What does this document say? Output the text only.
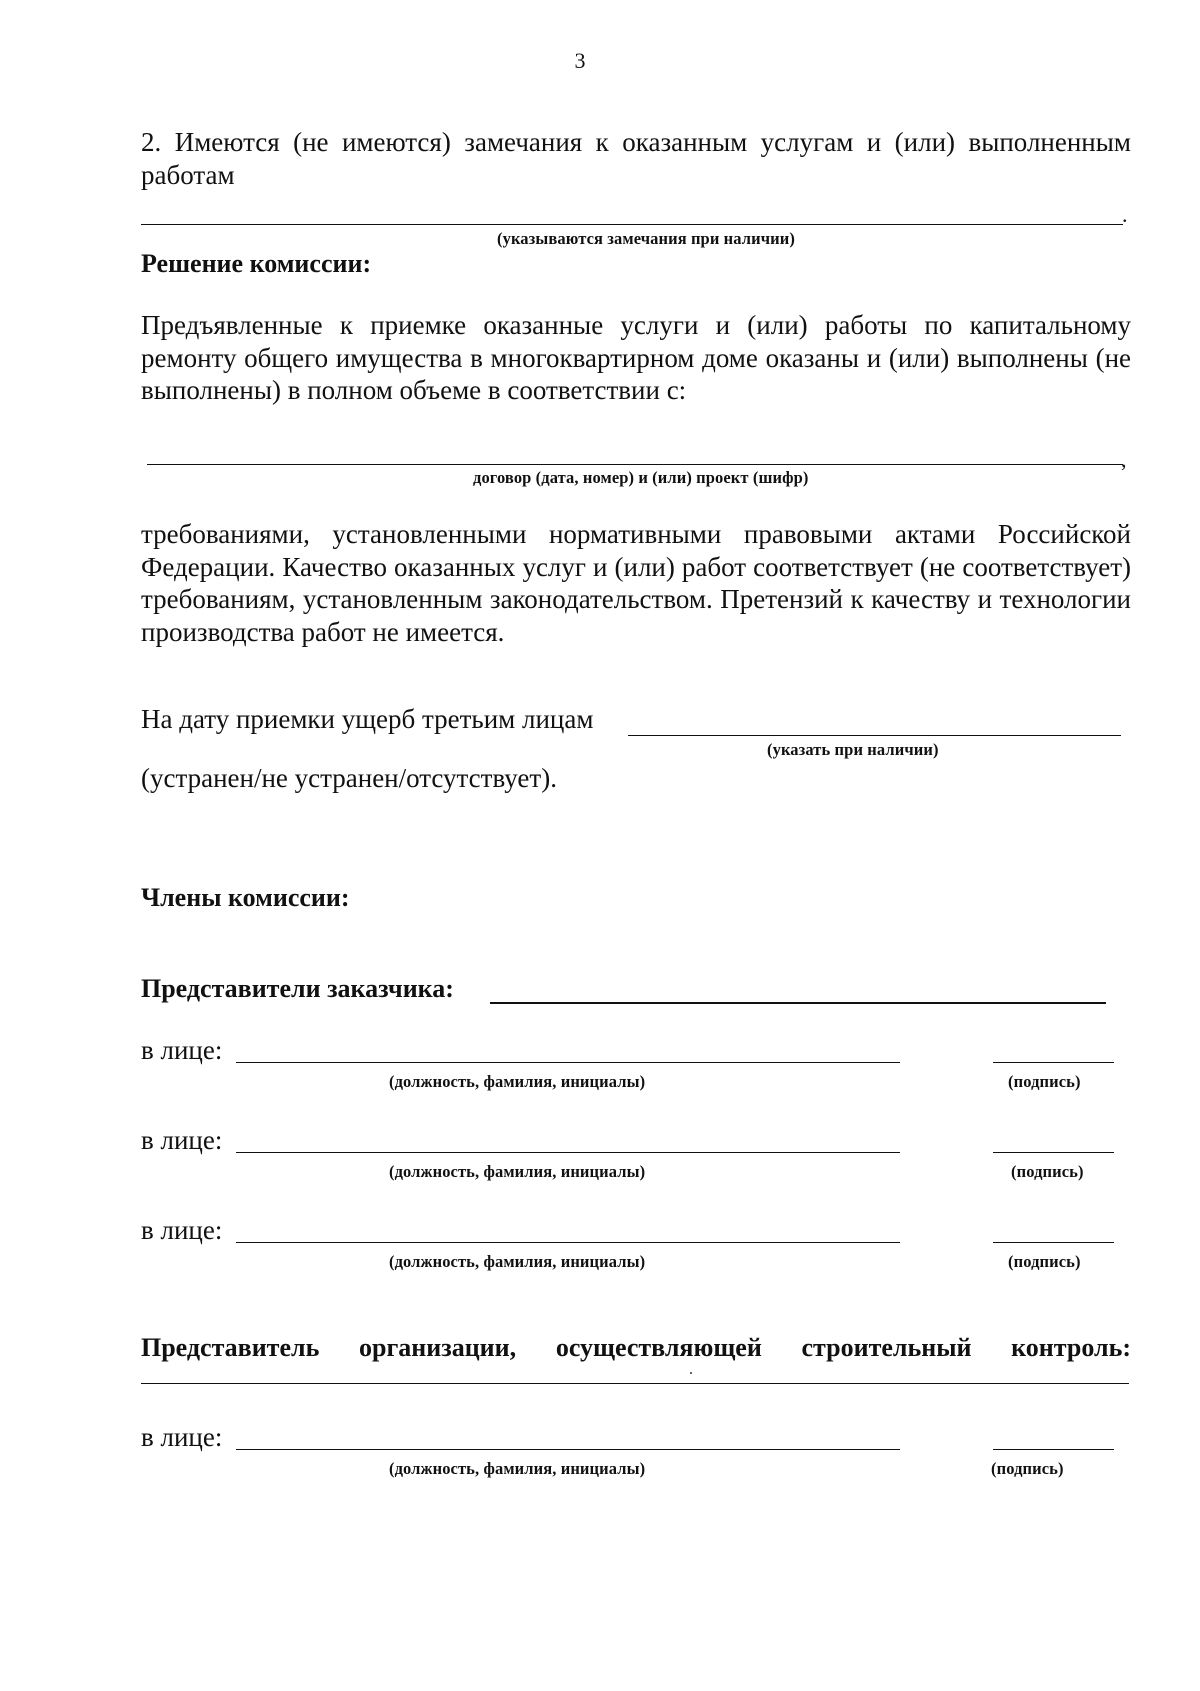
3
2. Имеются (не имеются) замечания к оказанным услугам и (или) выполненным работам
.
(указываются замечания при наличии)
Решение комиссии:
Предъявленные к приемке оказанные услуги и (или) работы по капитальному ремонту общего имущества в многоквартирном доме оказаны и (или) выполнены (не выполнены) в полном объеме в соответствии с:
,
договор (дата, номер) и (или) проект (шифр)
требованиями, установленными нормативными правовыми актами Российской Федерации. Качество оказанных услуг и (или) работ соответствует (не соответствует) требованиям, установленным законодательством. Претензий к качеству и технологии производства работ не имеется.
На дату приемки ущерб третьим лицам
(указать при наличии)
(устранен/не устранен/отсутствует).
Члены комиссии:
Представители заказчика:
в лице:
(должность, фамилия, инициалы)	(подпись)
в лице:
(должность, фамилия, инициалы)	(подпись)
в лице:
(должность, фамилия, инициалы)	(подпись)
Представитель организации, осуществляющей строительный контроль:
в лице:
(должность, фамилия, инициалы)	(подпись)
